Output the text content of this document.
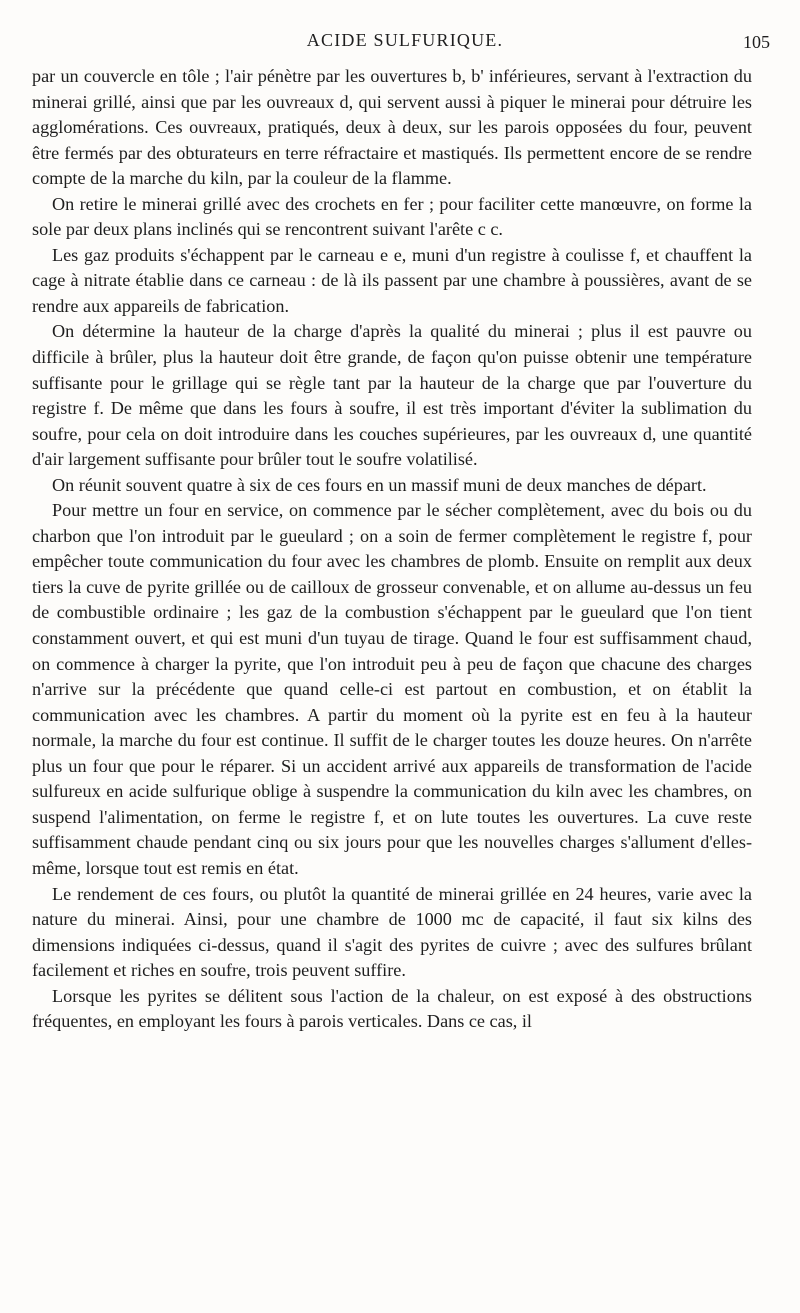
ACIDE SULFURIQUE.	105

par un couvercle en tôle ; l'air pénètre par les ouvertures b, b' inférieures, servant à l'extraction du minerai grillé, ainsi que par les ouvreaux d, qui servent aussi à piquer le minerai pour détruire les agglomérations. Ces ouvreaux, pratiqués, deux à deux, sur les parois opposées du four, peuvent être fermés par des obturateurs en terre réfractaire et mastiqués. Ils permettent encore de se rendre compte de la marche du kiln, par la couleur de la flamme.

On retire le minerai grillé avec des crochets en fer ; pour faciliter cette manœuvre, on forme la sole par deux plans inclinés qui se rencontrent suivant l'arête c c.

Les gaz produits s'échappent par le carneau e e, muni d'un registre à coulisse f, et chauffent la cage à nitrate établie dans ce carneau : de là ils passent par une chambre à poussières, avant de se rendre aux appareils de fabrication.

On détermine la hauteur de la charge d'après la qualité du minerai ; plus il est pauvre ou difficile à brûler, plus la hauteur doit être grande, de façon qu'on puisse obtenir une température suffisante pour le grillage qui se règle tant par la hauteur de la charge que par l'ouverture du registre f. De même que dans les fours à soufre, il est très important d'éviter la sublimation du soufre, pour cela on doit introduire dans les couches supérieures, par les ouvreaux d, une quantité d'air largement suffisante pour brûler tout le soufre volatilisé.

On réunit souvent quatre à six de ces fours en un massif muni de deux manches de départ.

Pour mettre un four en service, on commence par le sécher complètement, avec du bois ou du charbon que l'on introduit par le gueulard ; on a soin de fermer complètement le registre f, pour empêcher toute communication du four avec les chambres de plomb. Ensuite on remplit aux deux tiers la cuve de pyrite grillée ou de cailloux de grosseur convenable, et on allume au-dessus un feu de combustible ordinaire ; les gaz de la combustion s'échappent par le gueulard que l'on tient constamment ouvert, et qui est muni d'un tuyau de tirage. Quand le four est suffisamment chaud, on commence à charger la pyrite, que l'on introduit peu à peu de façon que chacune des charges n'arrive sur la précédente que quand celle-ci est partout en combustion, et on établit la communication avec les chambres. A partir du moment où la pyrite est en feu à la hauteur normale, la marche du four est continue. Il suffit de le charger toutes les douze heures. On n'arrête plus un four que pour le réparer. Si un accident arrivé aux appareils de transformation de l'acide sulfureux en acide sulfurique oblige à suspendre la communication du kiln avec les chambres, on suspend l'alimentation, on ferme le registre f, et on lute toutes les ouvertures. La cuve reste suffisamment chaude pendant cinq ou six jours pour que les nouvelles charges s'allument d'elles-même, lorsque tout est remis en état.

Le rendement de ces fours, ou plutôt la quantité de minerai grillée en 24 heures, varie avec la nature du minerai. Ainsi, pour une chambre de 1000 mc de capacité, il faut six kilns des dimensions indiquées ci-dessus, quand il s'agit des pyrites de cuivre ; avec des sulfures brûlant facilement et riches en soufre, trois peuvent suffire.

Lorsque les pyrites se délitent sous l'action de la chaleur, on est exposé à des obstructions fréquentes, en employant les fours à parois verticales. Dans ce cas, il
